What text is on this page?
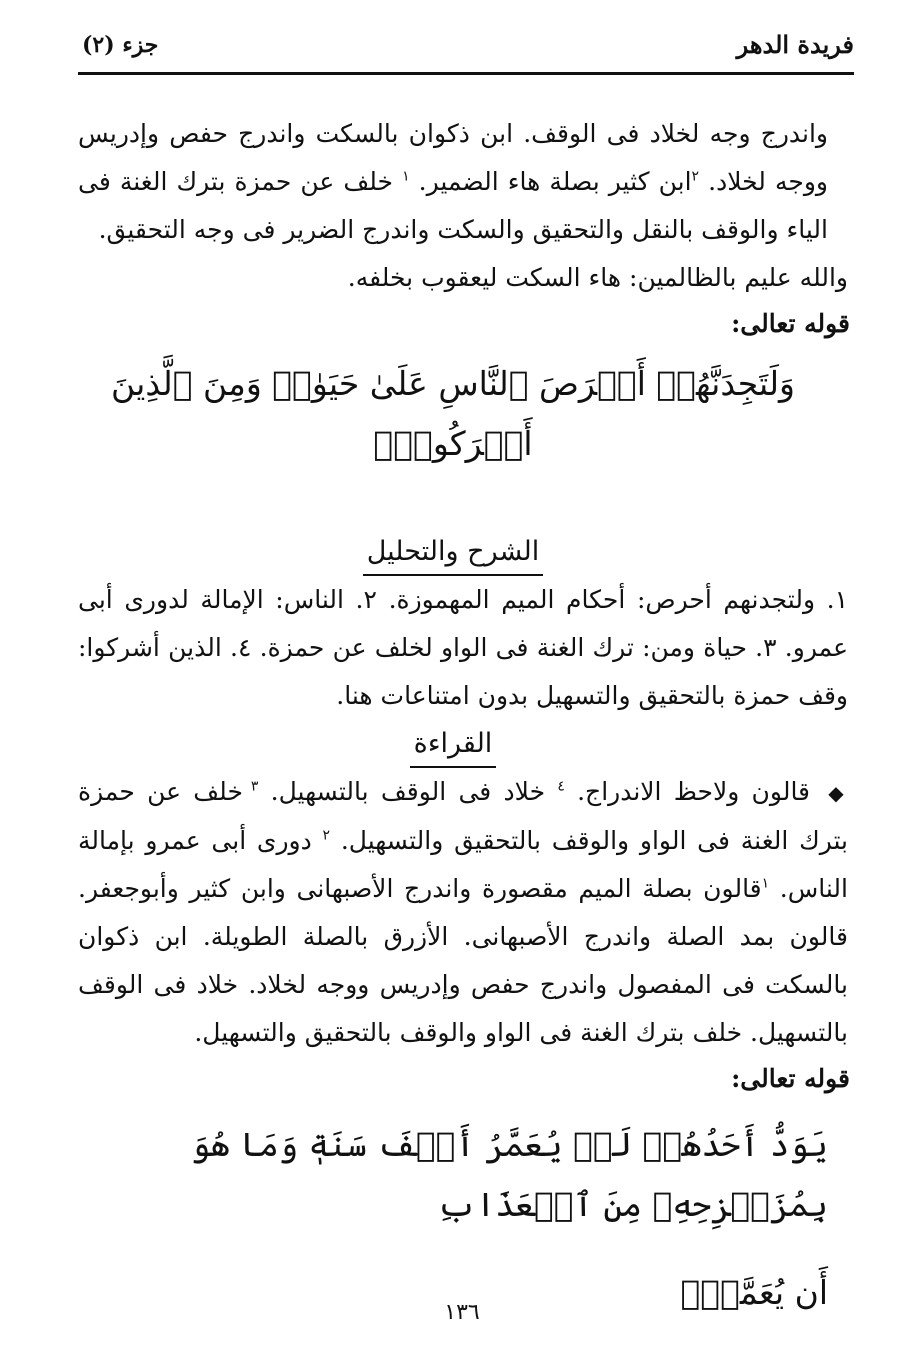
فريدة الدهر
جزء (٢)

واندرج وجه لخلاد فى الوقف. ابن ذكوان بالسكت واندرج حفص وإدريس ووجه لخلاد. $^٢$ابن كثير بصلة هاء الضمير. $^١$ خلف عن حمزة بترك الغنة فى الياء والوقف بالنقل والتحقيق والسكت واندرج الضرير فى وجه التحقيق.

والله عليم بالظالمين: هاء السكت ليعقوب بخلفه.

قوله تعالى:

وَلَتَجِدَنَّهُمۡ أَحۡرَصَ ٱلنَّاسِ عَلَىٰ حَيَوٰةٖ وَمِنَ ٱلَّذِينَ أَشۡرَكُواْۚ

الشرح والتحليل

١. ولتجدنهم أحرص: أحكام الميم المهموزة. ٢. الناس: الإمالة لدورى أبى عمرو. ٣. حياة ومن: ترك الغنة فى الواو لخلف عن حمزة. ٤. الذين أشركوا: وقف حمزة بالتحقيق والتسهيل بدون امتناعات هنا.

القراءة

◆ قالون ولاحظ الاندراج. $^٤$ خلاد فى الوقف بالتسهيل. $^٣$ خلف عن حمزة بترك الغنة فى الواو والوقف بالتحقيق والتسهيل. $^٢$ دورى أبى عمرو بإمالة الناس. $^١$قالون بصلة الميم مقصورة واندرج الأصبهانى وابن كثير وأبوجعفر. قالون بمد الصلة واندرج الأصبهانى. الأزرق بالصلة الطويلة. ابن ذكوان بالسكت فى المفصول واندرج حفص وإدريس ووجه لخلاد. خلاد فى الوقف بالتسهيل. خلف بترك الغنة فى الواو والوقف بالتحقيق والتسهيل.

قوله تعالى:

يَوَدُّ أَحَدُهُمۡ لَوۡ يُعَمَّرُ أَلۡفَ سَنَةٖ وَمَا هُوَ بِمُزَحۡزِحِهِۦ مِنَ ٱلۡعَذَابِ

أَن يُعَمَّرَۗ

١٣٦
